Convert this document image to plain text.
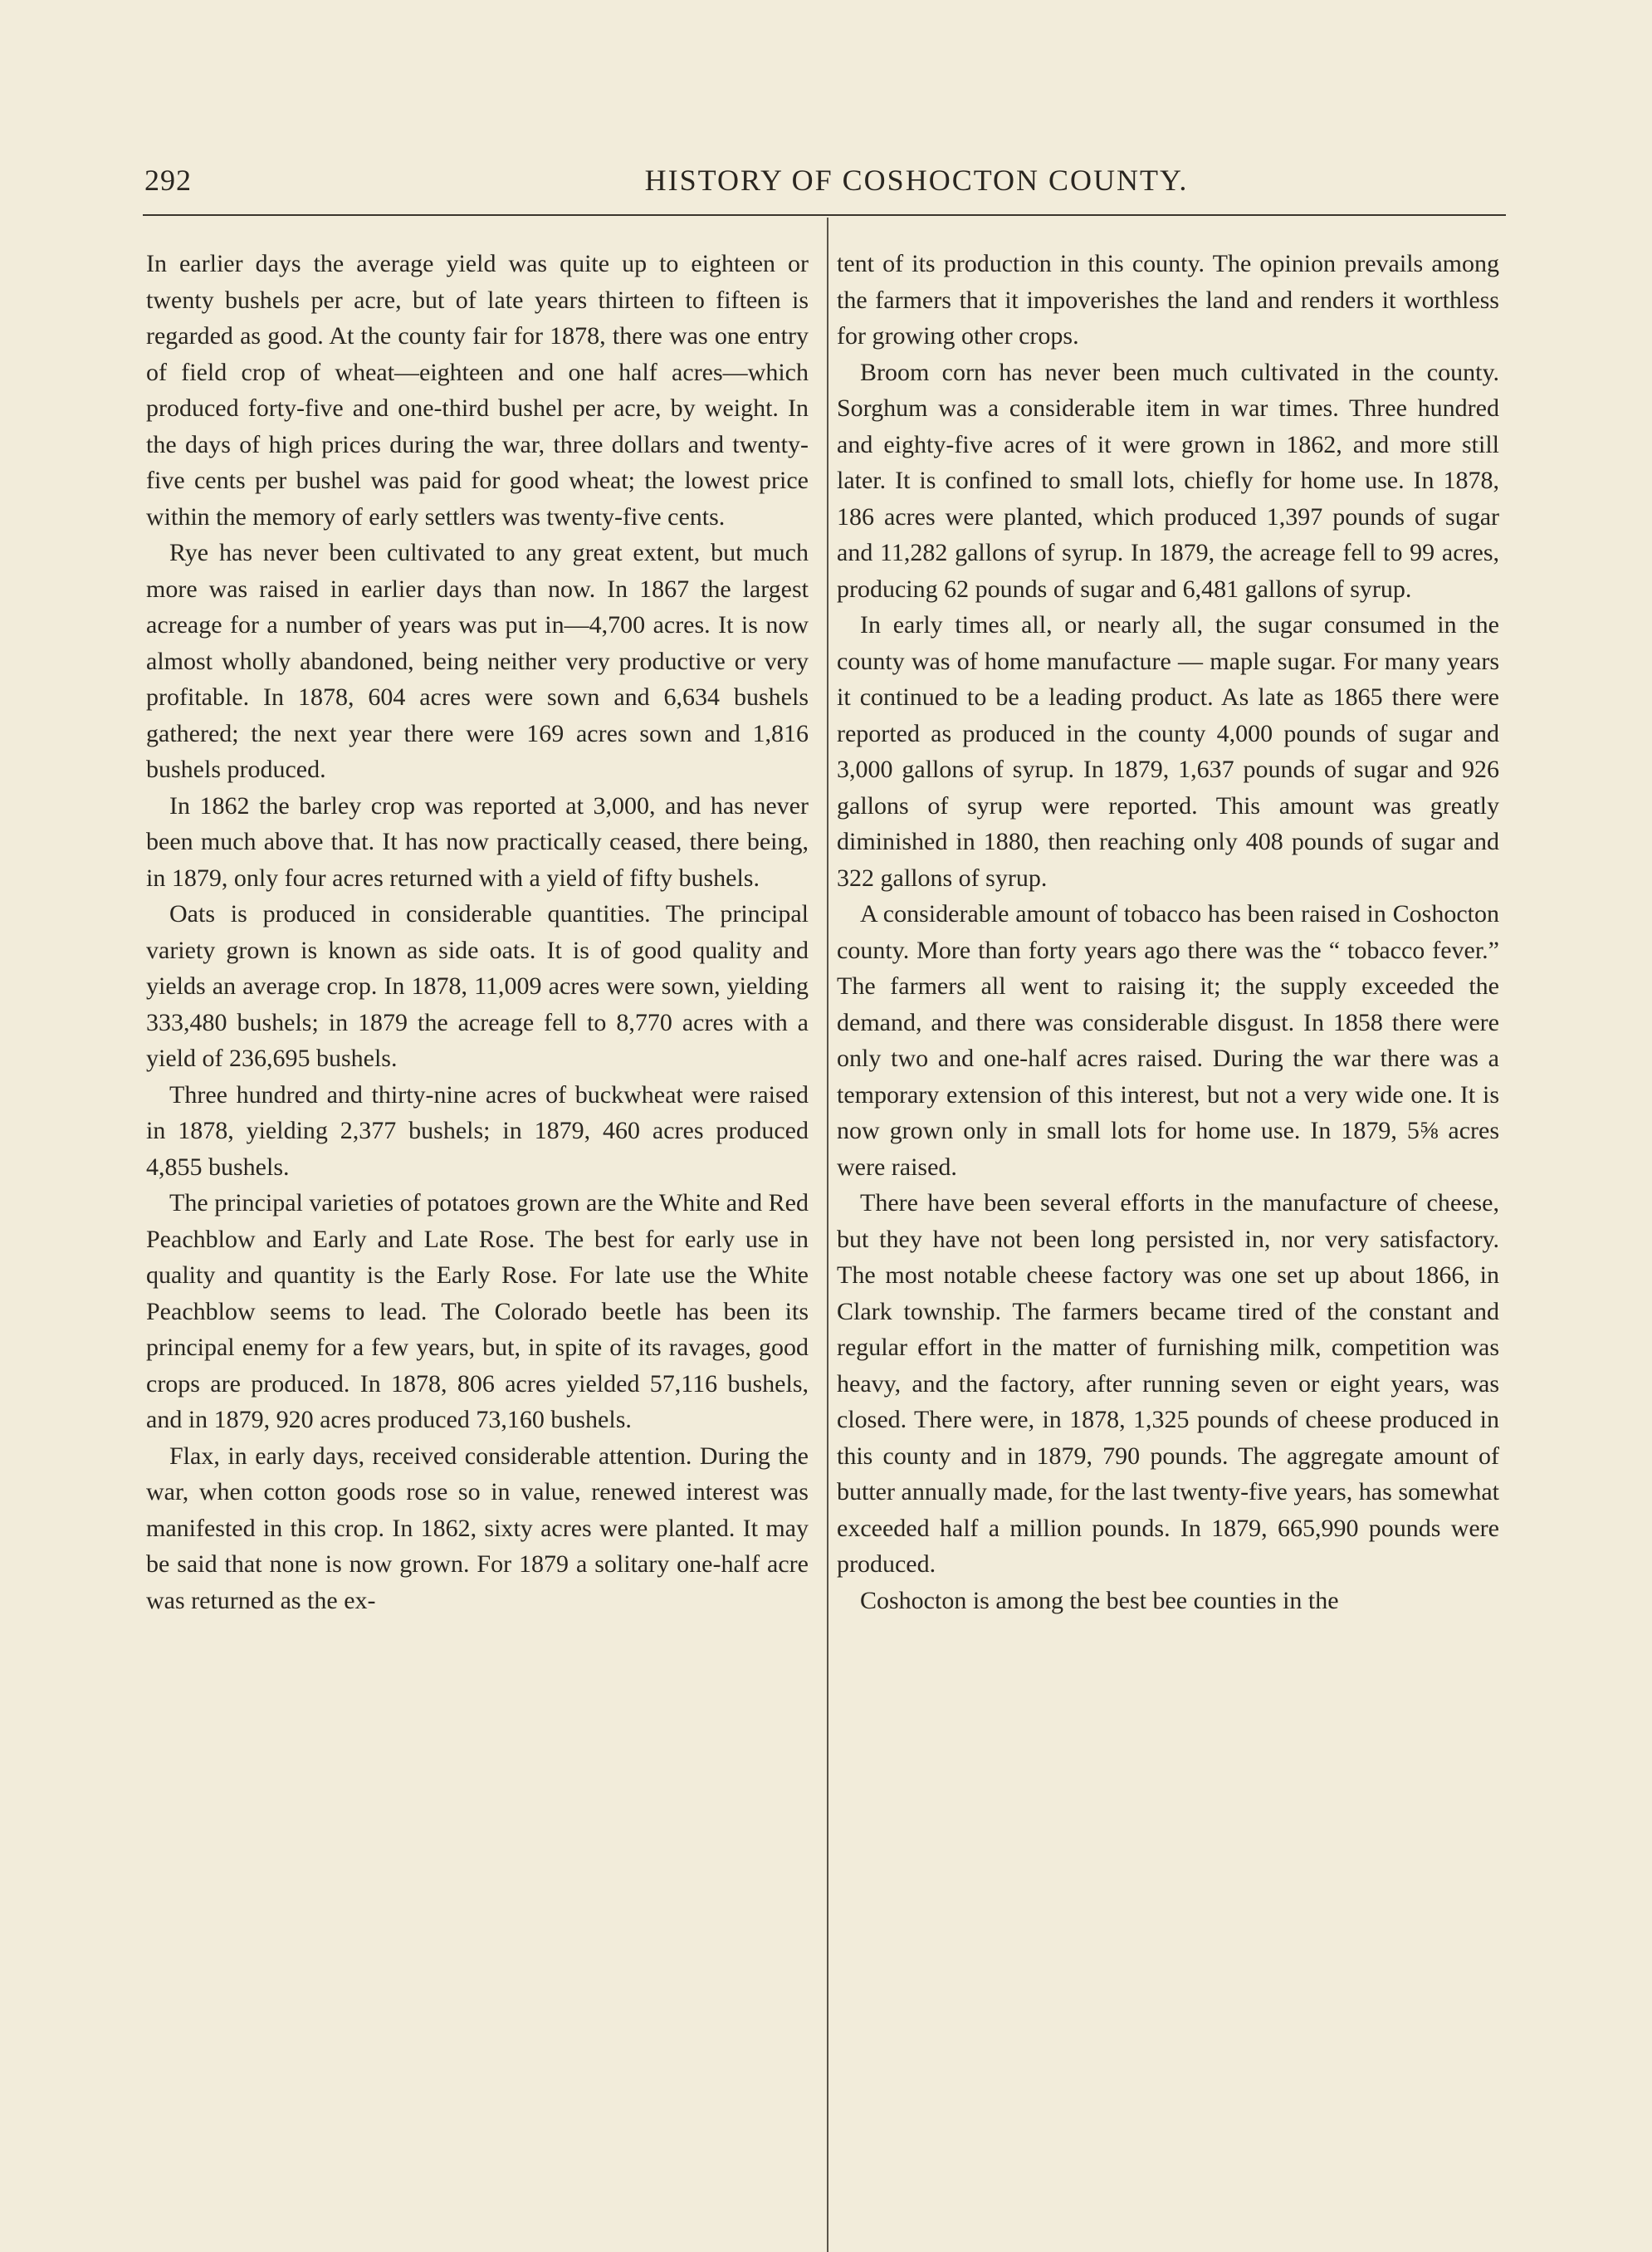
292	HISTORY OF COSHOCTON COUNTY.

In earlier days the average yield was quite up to eighteen or twenty bushels per acre, but of late years thirteen to fifteen is regarded as good. At the county fair for 1878, there was one entry of field crop of wheat—eighteen and one half acres—which produced forty-five and one-third bushel per acre, by weight. In the days of high prices during the war, three dollars and twenty-five cents per bushel was paid for good wheat; the lowest price within the memory of early settlers was twenty-five cents.

Rye has never been cultivated to any great extent, but much more was raised in earlier days than now. In 1867 the largest acreage for a number of years was put in—4,700 acres. It is now almost wholly abandoned, being neither very productive or very profitable. In 1878, 604 acres were sown and 6,634 bushels gathered; the next year there were 169 acres sown and 1,816 bushels produced.

In 1862 the barley crop was reported at 3,000, and has never been much above that. It has now practically ceased, there being, in 1879, only four acres returned with a yield of fifty bushels.

Oats is produced in considerable quantities. The principal variety grown is known as side oats. It is of good quality and yields an average crop. In 1878, 11,009 acres were sown, yielding 333,480 bushels; in 1879 the acreage fell to 8,770 acres with a yield of 236,695 bushels.

Three hundred and thirty-nine acres of buckwheat were raised in 1878, yielding 2,377 bushels; in 1879, 460 acres produced 4,855 bushels.

The principal varieties of potatoes grown are the White and Red Peachblow and Early and Late Rose. The best for early use in quality and quantity is the Early Rose. For late use the White Peachblow seems to lead. The Colorado beetle has been its principal enemy for a few years, but, in spite of its ravages, good crops are produced. In 1878, 806 acres yielded 57,116 bushels, and in 1879, 920 acres produced 73,160 bushels.

Flax, in early days, received considerable attention. During the war, when cotton goods rose so in value, renewed interest was manifested in this crop. In 1862, sixty acres were planted. It may be said that none is now grown. For 1879 a solitary one-half acre was returned as the ex-

tent of its production in this county. The opinion prevails among the farmers that it impoverishes the land and renders it worthless for growing other crops.

Broom corn has never been much cultivated in the county. Sorghum was a considerable item in war times. Three hundred and eighty-five acres of it were grown in 1862, and more still later. It is confined to small lots, chiefly for home use. In 1878, 186 acres were planted, which produced 1,397 pounds of sugar and 11,282 gallons of syrup. In 1879, the acreage fell to 99 acres, producing 62 pounds of sugar and 6,481 gallons of syrup.

In early times all, or nearly all, the sugar consumed in the county was of home manufacture — maple sugar. For many years it continued to be a leading product. As late as 1865 there were reported as produced in the county 4,000 pounds of sugar and 3,000 gallons of syrup. In 1879, 1,637 pounds of sugar and 926 gallons of syrup were reported. This amount was greatly diminished in 1880, then reaching only 408 pounds of sugar and 322 gallons of syrup.

A considerable amount of tobacco has been raised in Coshocton county. More than forty years ago there was the “ tobacco fever.” The farmers all went to raising it; the supply exceeded the demand, and there was considerable disgust. In 1858 there were only two and one-half acres raised. During the war there was a temporary extension of this interest, but not a very wide one. It is now grown only in small lots for home use. In 1879, 5⅝ acres were raised.

There have been several efforts in the manufacture of cheese, but they have not been long persisted in, nor very satisfactory. The most notable cheese factory was one set up about 1866, in Clark township. The farmers became tired of the constant and regular effort in the matter of furnishing milk, competition was heavy, and the factory, after running seven or eight years, was closed. There were, in 1878, 1,325 pounds of cheese produced in this county and in 1879, 790 pounds. The aggregate amount of butter annually made, for the last twenty-five years, has somewhat exceeded half a million pounds. In 1879, 665,990 pounds were produced.

Coshocton is among the best bee counties in the
